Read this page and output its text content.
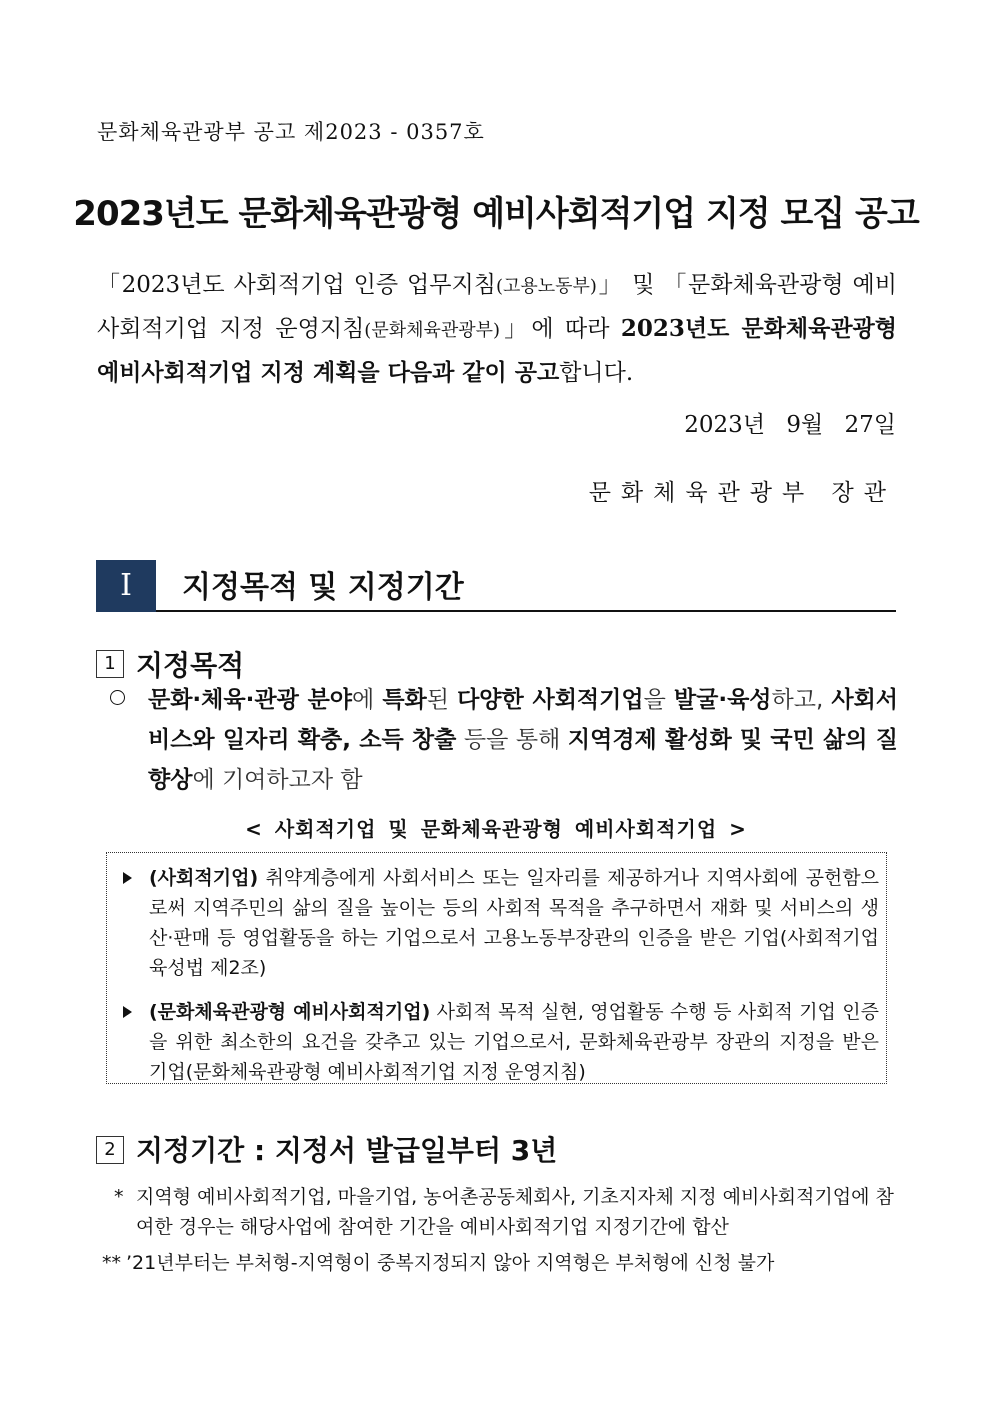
문화체육관광부 공고 제2023 - 0357호
2023년도 문화체육관광형 예비사회적기업 지정 모집 공고
「2023년도 사회적기업 인증 업무지침(고용노동부)」 및 「문화체육관광형 예비사회적기업 지정 운영지침(문화체육관광부)」에 따라 2023년도 문화체육관광형 예비사회적기업 지정 계획을 다음과 같이 공고합니다.
2023년 9월 27일
문화체육관광부 장관
I	지정목적 및 지정기간
1 지정목적
문화·체육·관광 분야에 특화된 다양한 사회적기업을 발굴·육성하고, 사회서비스와 일자리 확충, 소득 창출 등을 통해 지역경제 활성화 및 국민 삶의 질 향상에 기여하고자 함
< 사회적기업 및 문화체육관광형 예비사회적기업 >
(사회적기업) 취약계층에게 사회서비스 또는 일자리를 제공하거나 지역사회에 공헌함으로써 지역주민의 삶의 질을 높이는 등의 사회적 목적을 추구하면서 재화 및 서비스의 생산·판매 등 영업활동을 하는 기업으로서 고용노동부장관의 인증을 받은 기업(사회적기업육성법 제2조)
(문화체육관광형 예비사회적기업) 사회적 목적 실현, 영업활동 수행 등 사회적 기업 인증을 위한 최소한의 요건을 갖추고 있는 기업으로서, 문화체육관광부 장관의 지정을 받은 기업(문화체육관광형 예비사회적기업 지정 운영지침)
2 지정기간 : 지정서 발급일부터 3년
* 지역형 예비사회적기업, 마을기업, 농어촌공동체회사, 기초지자체 지정 예비사회적기업에 참여한 경우는 해당사업에 참여한 기간을 예비사회적기업 지정기간에 합산
** ’21년부터는 부처형-지역형이 중복지정되지 않아 지역형은 부처형에 신청 불가
